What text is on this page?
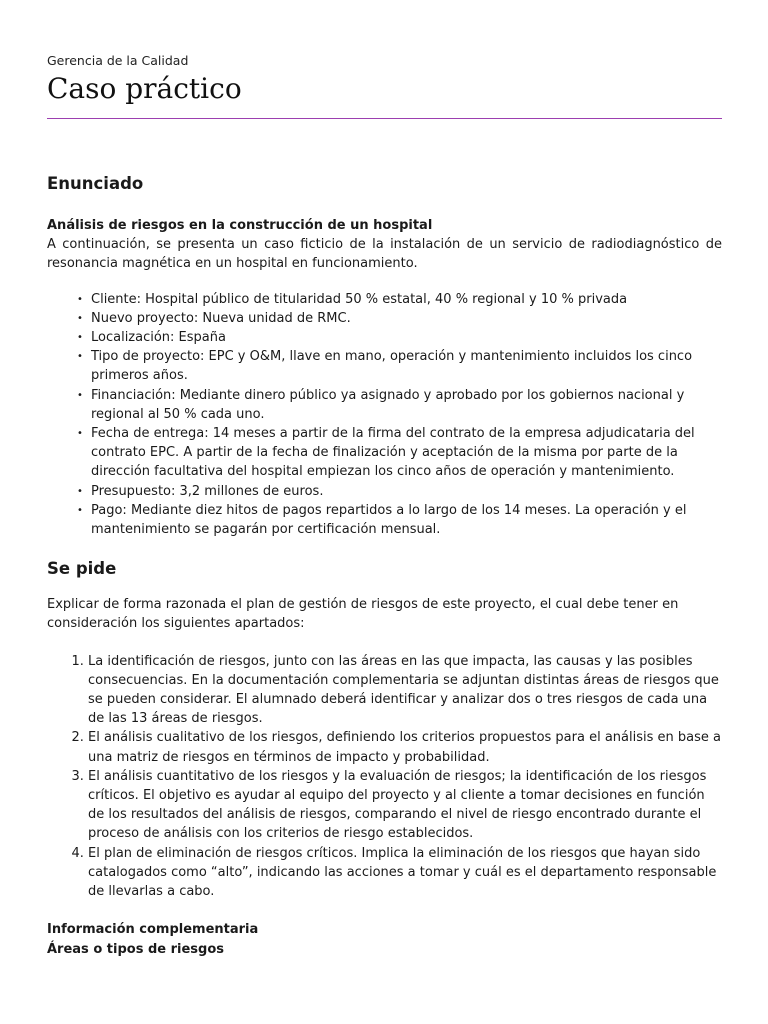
Gerencia de la Calidad
Caso práctico
Enunciado

Análisis de riesgos en la construcción de un hospital

A continuación, se presenta un caso ficticio de la instalación de un servicio de radiodiagnóstico de resonancia magnética en un hospital en funcionamiento.

• Cliente: Hospital público de titularidad 50 % estatal, 40 % regional y 10 % privada
• Nuevo proyecto: Nueva unidad de RMC.
• Localización: España
• Tipo de proyecto: EPC y O&M, llave en mano, operación y mantenimiento incluidos los cinco primeros años.
• Financiación: Mediante dinero público ya asignado y aprobado por los gobiernos nacional y regional al 50 % cada uno.
• Fecha de entrega: 14 meses a partir de la firma del contrato de la empresa adjudicataria del contrato EPC. A partir de la fecha de finalización y aceptación de la misma por parte de la dirección facultativa del hospital empiezan los cinco años de operación y mantenimiento.
• Presupuesto: 3,2 millones de euros.
• Pago: Mediante diez hitos de pagos repartidos a lo largo de los 14 meses. La operación y el mantenimiento se pagarán por certificación mensual.
Se pide

Explicar de forma razonada el plan de gestión de riesgos de este proyecto, el cual debe tener en consideración los siguientes apartados:

1. La identificación de riesgos, junto con las áreas en las que impacta, las causas y las posibles consecuencias. En la documentación complementaria se adjuntan distintas áreas de riesgos que se pueden considerar. El alumnado deberá identificar y analizar dos o tres riesgos de cada una de las 13 áreas de riesgos.
2. El análisis cualitativo de los riesgos, definiendo los criterios propuestos para el análisis en base a una matriz de riesgos en términos de impacto y probabilidad.
3. El análisis cuantitativo de los riesgos y la evaluación de riesgos; la identificación de los riesgos críticos. El objetivo es ayudar al equipo del proyecto y al cliente a tomar decisiones en función de los resultados del análisis de riesgos, comparando el nivel de riesgo encontrado durante el proceso de análisis con los criterios de riesgo establecidos.
4. El plan de eliminación de riesgos críticos. Implica la eliminación de los riesgos que hayan sido catalogados como “alto”, indicando las acciones a tomar y cuál es el departamento responsable de llevarlas a cabo.

Información complementaria

Áreas o tipos de riesgos
